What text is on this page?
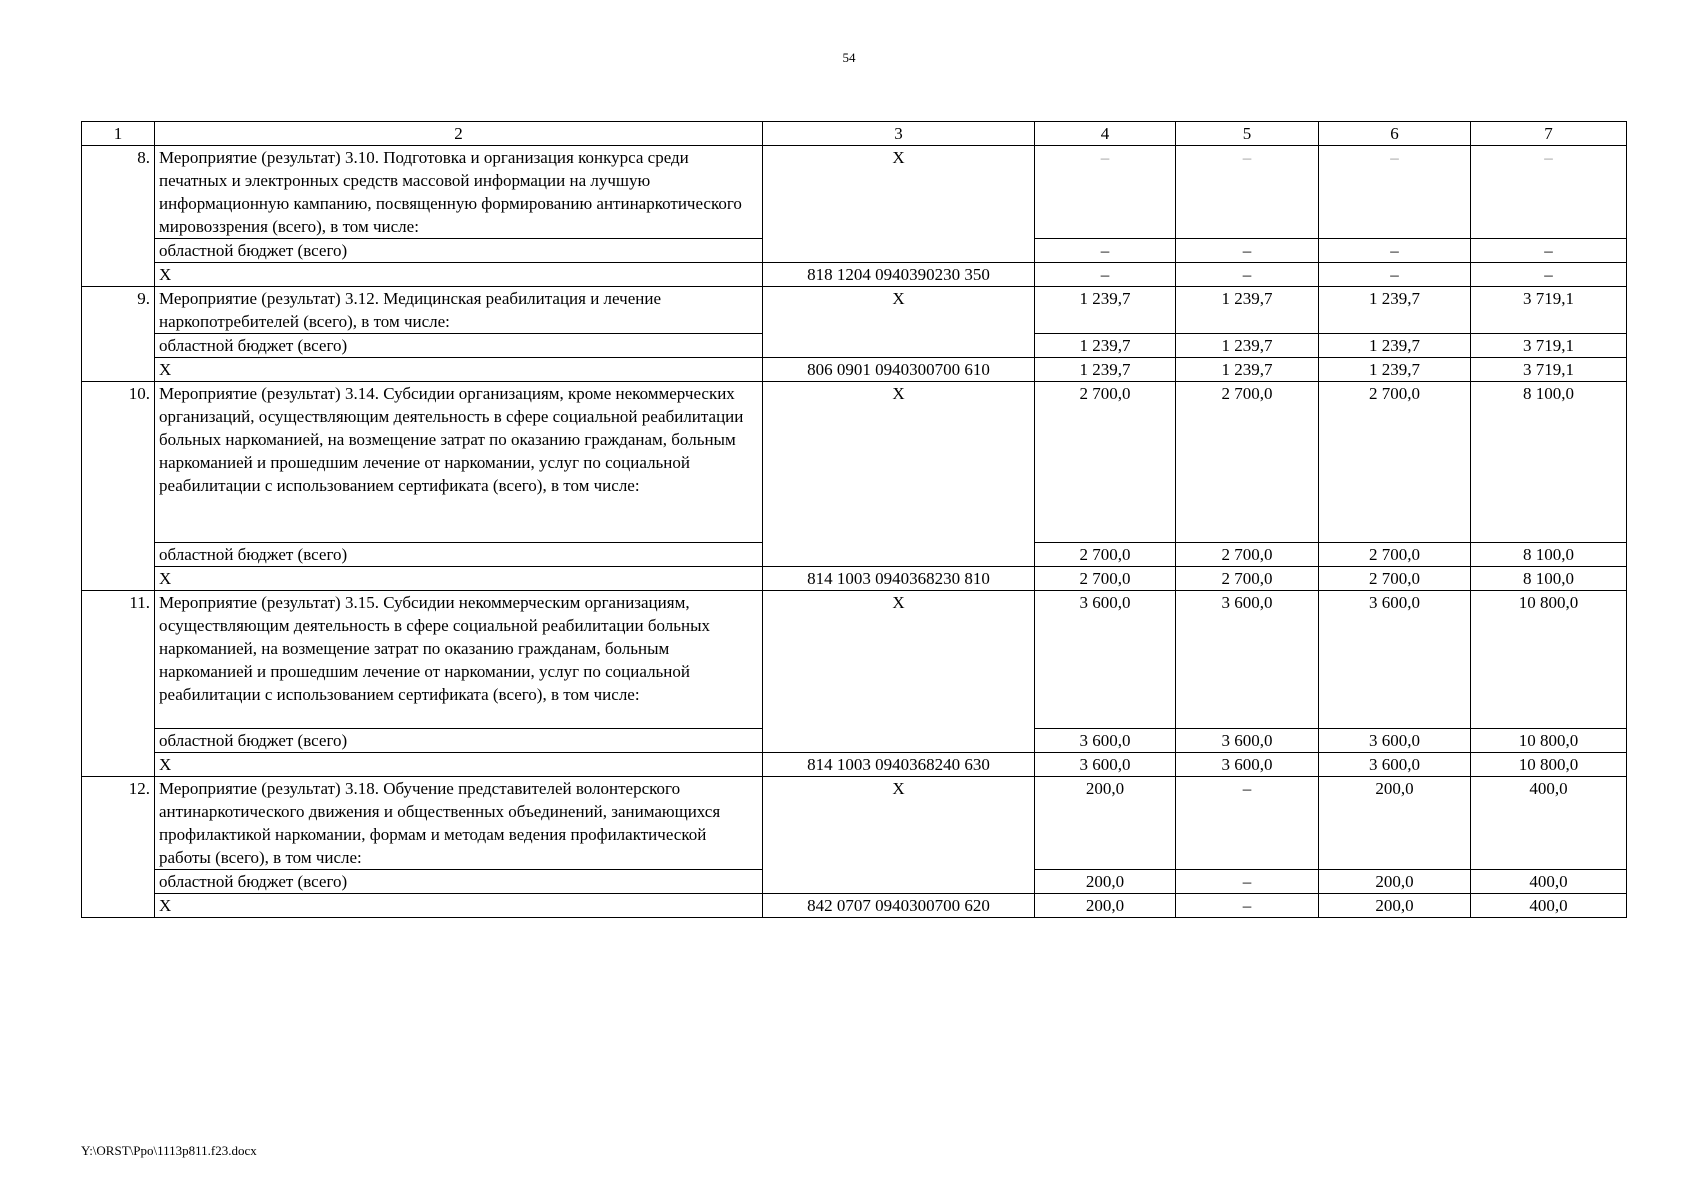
54
1	2	3	4	5	6	7
8.	Мероприятие (результат) 3.10. Подготовка и организация конкурса среди печатных и электронных средств массовой информации на лучшую информационную кампанию, посвященную формированию антинаркотического мировоззрения (всего), в том числе:	X	–	–	–	–
	областной бюджет (всего)		–	–	–	–
	X	818 1204 0940390230 350	–	–	–	–
9.	Мероприятие (результат) 3.12. Медицинская реабилитация и лечение наркопотребителей (всего), в том числе:	X	1 239,7	1 239,7	1 239,7	3 719,1
	областной бюджет (всего)		1 239,7	1 239,7	1 239,7	3 719,1
	X	806 0901 0940300700 610	1 239,7	1 239,7	1 239,7	3 719,1
10.	Мероприятие (результат) 3.14. Субсидии организациям, кроме некоммерческих организаций, осуществляющим деятельность в сфере социальной реабилитации больных наркоманией, на возмещение затрат по оказанию гражданам, больным наркоманией и прошедшим лечение от наркомании, услуг по социальной реабилитации с использованием сертификата (всего), в том числе:	X	2 700,0	2 700,0	2 700,0	8 100,0
	областной бюджет (всего)		2 700,0	2 700,0	2 700,0	8 100,0
	X	814 1003 0940368230 810	2 700,0	2 700,0	2 700,0	8 100,0
11.	Мероприятие (результат) 3.15. Субсидии некоммерческим организациям, осуществляющим деятельность в сфере социальной реабилитации больных наркоманией, на возмещение затрат по оказанию гражданам, больным наркоманией и прошедшим лечение от наркомании, услуг по социальной реабилитации с использованием сертификата (всего), в том числе:	X	3 600,0	3 600,0	3 600,0	10 800,0
	областной бюджет (всего)		3 600,0	3 600,0	3 600,0	10 800,0
	X	814 1003 0940368240 630	3 600,0	3 600,0	3 600,0	10 800,0
12.	Мероприятие (результат) 3.18. Обучение представителей волонтерского антинаркотического движения и общественных объединений, занимающихся профилактикой наркомании, формам и методам ведения профилактической работы (всего), в том числе:	X	200,0	–	200,0	400,0
	областной бюджет (всего)		200,0	–	200,0	400,0
	X	842 0707 0940300700 620	200,0	–	200,0	400,0
Y:\ORST\Ppo\1113p811.f23.docx
